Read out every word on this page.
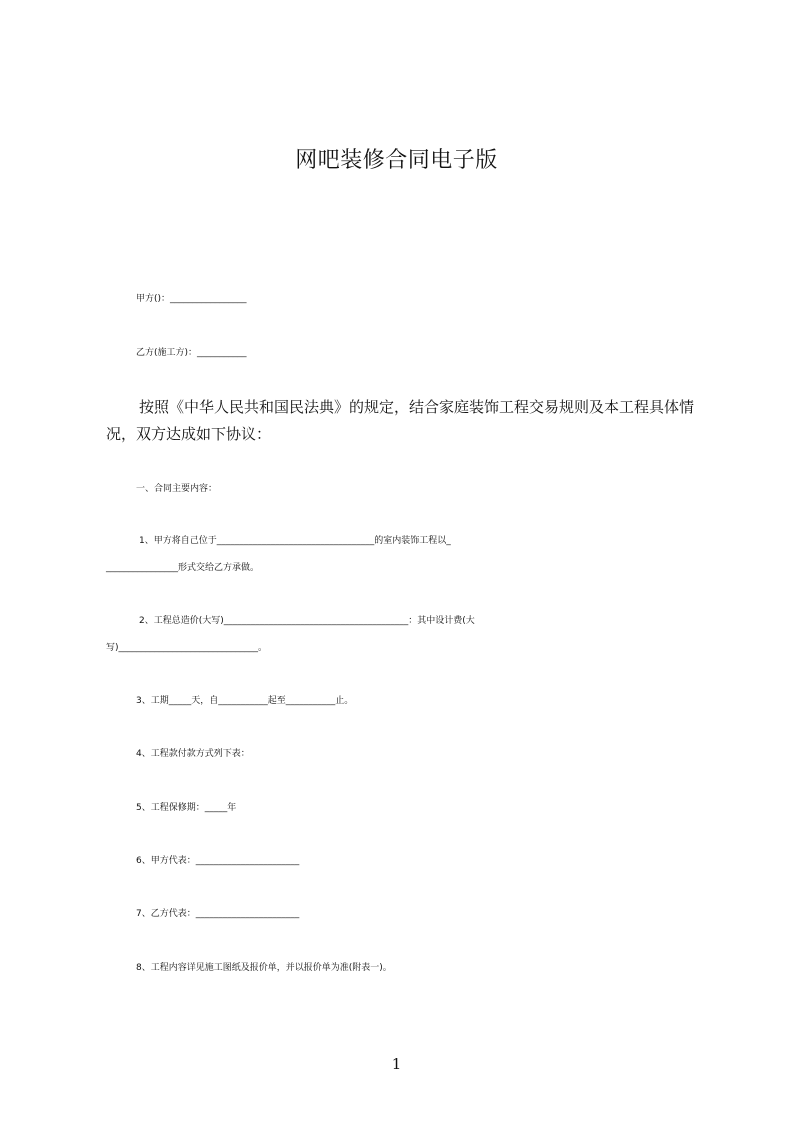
网吧装修合同电子版
甲方()：_________________
乙方(施工方)：___________
按照《中华人民共和国民法典》的规定，结合家庭装饰工程交易规则及本工程具体情况，双方达成如下协议：
一、合同主要内容：
1、甲方将自己位于___________________________________的室内装饰工程以_
________________形式交给乙方承做。
2、工程总造价(大写)_________________________________________：其中设计费(大
写)_______________________________。
3、工期_____天，自___________起至___________止。
4、工程款付款方式列下表：
5、工程保修期：_____年
6、甲方代表：_______________________
7、乙方代表：_______________________
8、工程内容详见施工图纸及报价单，并以报价单为准(附表一)。
1
